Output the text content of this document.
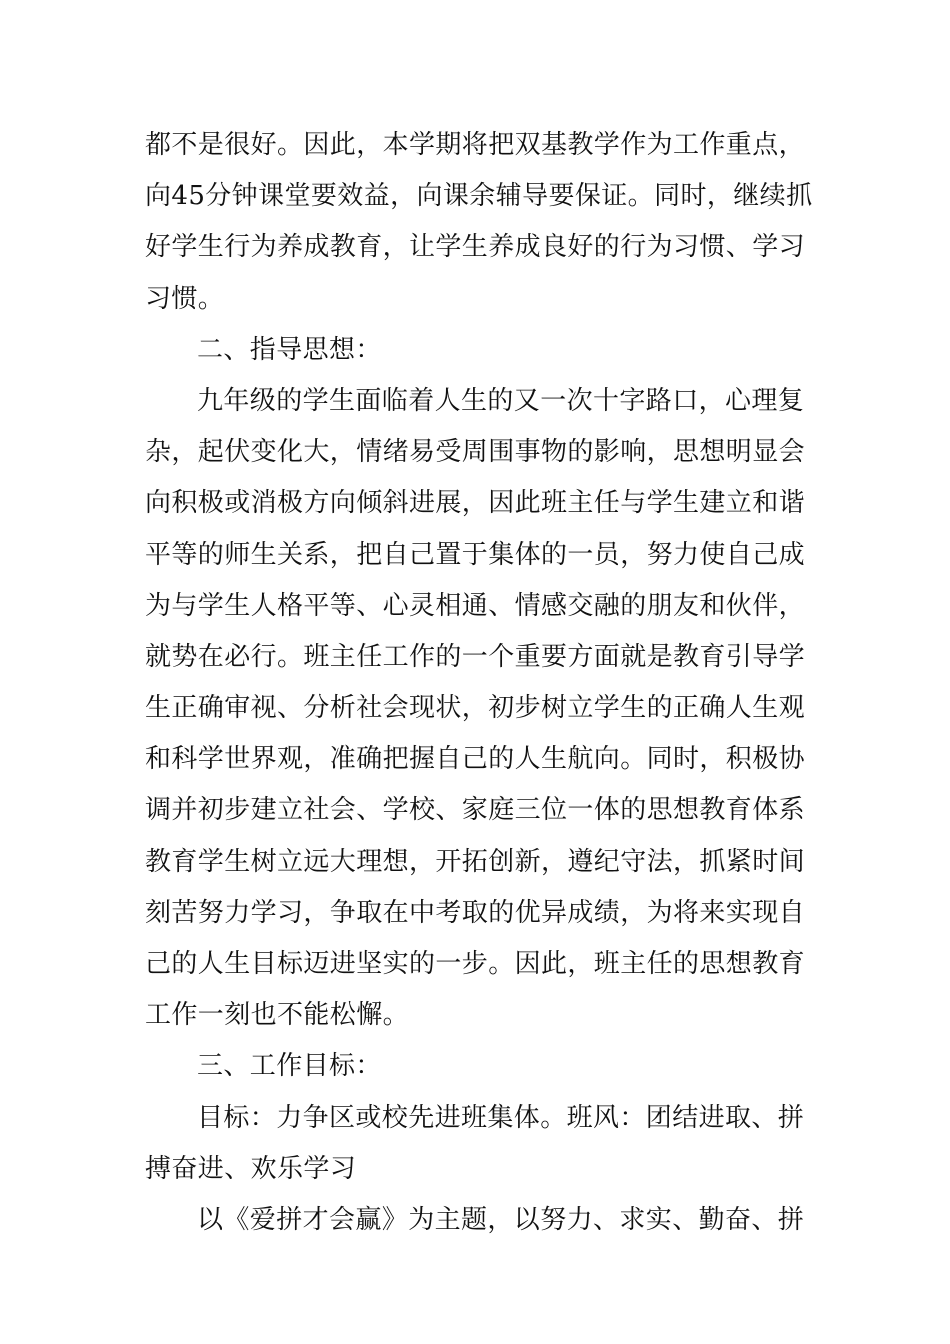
都不是很好。因此，本学期将把双基教学作为工作重点，
向45分钟课堂要效益，向课余辅导要保证。同时，继续抓
好学生行为养成教育，让学生养成良好的行为习惯、学习
习惯。
二、指导思想：
九年级的学生面临着人生的又一次十字路口，心理复
杂，起伏变化大，情绪易受周围事物的影响，思想明显会
向积极或消极方向倾斜进展，因此班主任与学生建立和谐
平等的师生关系，把自己置于集体的一员，努力使自己成
为与学生人格平等、心灵相通、情感交融的朋友和伙伴，
就势在必行。班主任工作的一个重要方面就是教育引导学
生正确审视、分析社会现状，初步树立学生的正确人生观
和科学世界观，准确把握自己的人生航向。同时，积极协
调并初步建立社会、学校、家庭三位一体的思想教育体系
教育学生树立远大理想，开拓创新，遵纪守法，抓紧时间
刻苦努力学习，争取在中考取的优异成绩，为将来实现自
己的人生目标迈进坚实的一步。因此，班主任的思想教育
工作一刻也不能松懈。
三、工作目标：
目标：力争区或校先进班集体。班风：团结进取、拼
搏奋进、欢乐学习
以《爱拼才会赢》为主题，以努力、求实、勤奋、拼
